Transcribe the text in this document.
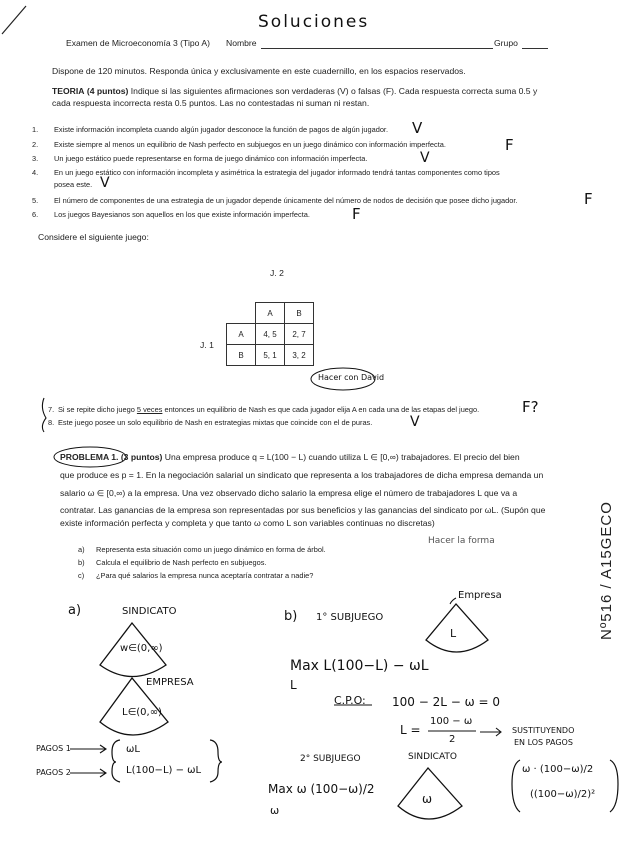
Soluciones
Examen de Microeconomía 3 (Tipo A) Nombre	Grupo
Dispone de 120 minutos. Responda única y exclusivamente en este cuadernillo, en los espacios reservados.
TEORIA (4 puntos) Indique si las siguientes afirmaciones son verdaderas (V) o falsas (F). Cada respuesta correcta suma 0.5 y
cada respuesta incorrecta resta 0.5 puntos. Las no contestadas ni suman ni restan.
1. Existe información incompleta cuando algún jugador desconoce la función de pagos de algún jugador. V
2. Existe siempre al menos un equilibrio de Nash perfecto en subjuegos en un juego dinámico con información imperfecta.	F
3. Un juego estático puede representarse en forma de juego dinámico con información imperfecta.	V
4. En un juego estático con información incompleta y asimétrica la estrategia del jugador informado tendrá tantas componentes como tipos
posea este. V
5. El número de componentes de una estrategia de un jugador depende únicamente del número de nodos de decisión que posee dicho jugador.	F
6. Los juegos Bayesianos son aquellos en los que existe información imperfecta.	F
Considere el siguiente juego:
J. 2
J. 1
	A	B
A	4, 5	2, 7
B	5, 1	3, 2
Hacer con David
7. Si se repite dicho juego 5 veces entonces un equilibrio de Nash es que cada jugador elija A en cada una de las etapas del juego.	F?
8. Este juego posee un solo equilibrio de Nash en estrategias mixtas que coincide con el de puras.	V
PROBLEMA 1. (3 puntos) Una empresa produce q = L(100 − L) cuando utiliza L ∈ [0,∞) trabajadores. El precio del bien
que produce es p = 1. En la negociación salarial un sindicato que representa a los trabajadores de dicha empresa demanda un
salario ω ∈ [0,∞) a la empresa. Una vez observado dicho salario la empresa elige el número de trabajadores L que va a
contratar. Las ganancias de la empresa son representadas por sus beneficios y las ganancias del sindicato por ωL. (Supón que
existe información perfecta y completa y que tanto ω como L son variables continuas no discretas)
a) Representa esta situación como un juego dinámico en forma de árbol.
b) Calcula el equilibrio de Nash perfecto en subjuegos.
c) ¿Para qué salarios la empresa nunca aceptaría contratar a nadie?
Hacer la forma	Nº516 / A15GECO
a)	SINDICATO
w∈(0,∞)
EMPRESA
L∈(0,∞)
PAGOS 1
PAGOS 2
ωL
L(100−L) − ωL
b) 1° SUBJUEGO
Empresa
L
Max L(100−L) − ωL
L
C.P.O: 100 − 2L − ω = 0
L =
100 − ω
2
SUSTITUYENDO
EN LOS PAGOS
ω · (100−ω)/2
((100−ω)/2)²
2° SUBJUEGO	SINDICATO
ω
Max ω (100−ω)/2
ω
